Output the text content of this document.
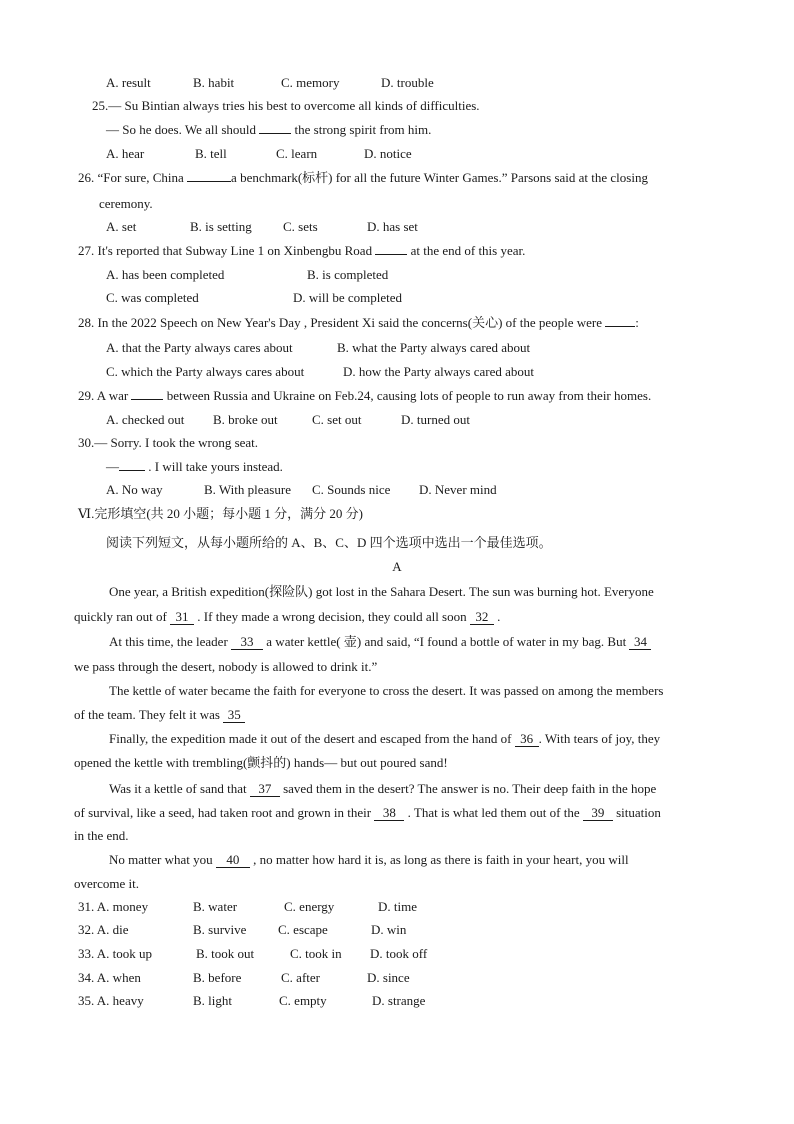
A. result	B. habit	C. memory	D. trouble
25.— Su Bintian always tries his best to overcome all kinds of difficulties.
— So he does. We all should	the strong spirit from him.
A. hear	B. tell	C. learn	D. notice
26. “For sure, China	a benchmark(标杆) for all the future Winter Games.” Parsons said at the closing
ceremony.
A. set	B. is setting C. sets	D. has set
27. It's reported that Subway Line 1 on Xinbengbu Road	at the end of this year.
A. has been completed	B. is completed
C. was completed	D. will be completed
28. In the 2022 Speech on New Year's Day , President Xi said the concerns(关心) of the people were	:
A. that the Party always cares about	B. what the Party always cared about
C. which the Party always cares about	D. how the Party always cared about
29. A war	between Russia and Ukraine on Feb.24, causing lots of people to run away from their homes.
A. checked out B. broke out	C. set out	D. turned out
30.— Sorry. I took the wrong seat.
— . I will take yours instead.
A. No way	B. With pleasure C. Sounds nice D. Never mind
Ⅵ.完形填空(共 20 小题；每小题 1 分，满分 20 分)
阅读下列短文，从每小题所给的 A、B、C、D 四个选项中选出一个最佳选项。
A
One year, a British expedition(探险队) got lost in the Sahara Desert. The sun was burning hot. Everyone
quickly ran out of 31 . If they made a wrong decision, they could all soon 32 .
At this time, the leader 33 a water kettle( 壶) and said, “I found a bottle of water in my bag. But 34
we pass through the desert, nobody is allowed to drink it.”
The kettle of water became the faith for everyone to cross the desert. It was passed on among the members
of the team. They felt it was 35
Finally, the expedition made it out of the desert and escaped from the hand of 36 . With tears of joy, they
opened the kettle with trembling(颤抖的) hands— but out poured sand!
Was it a kettle of sand that 37 saved them in the desert? The answer is no. Their deep faith in the hope
of survival, like a seed, had taken root and grown in their 38 . That is what led them out of the 39 situation
in the end.
No matter what you 40 , no matter how hard it is, as long as there is faith in your heart, you will
overcome it.
31. A. money	B. water	C. energy	D. time
32. A. die	B. survive C. escape	D. win
33. A. took up	B. took out	C. took in D. took off
34. A. when	B. before	C. after	D. since
35. A. heavy	B. light	C. empty	D. strange
